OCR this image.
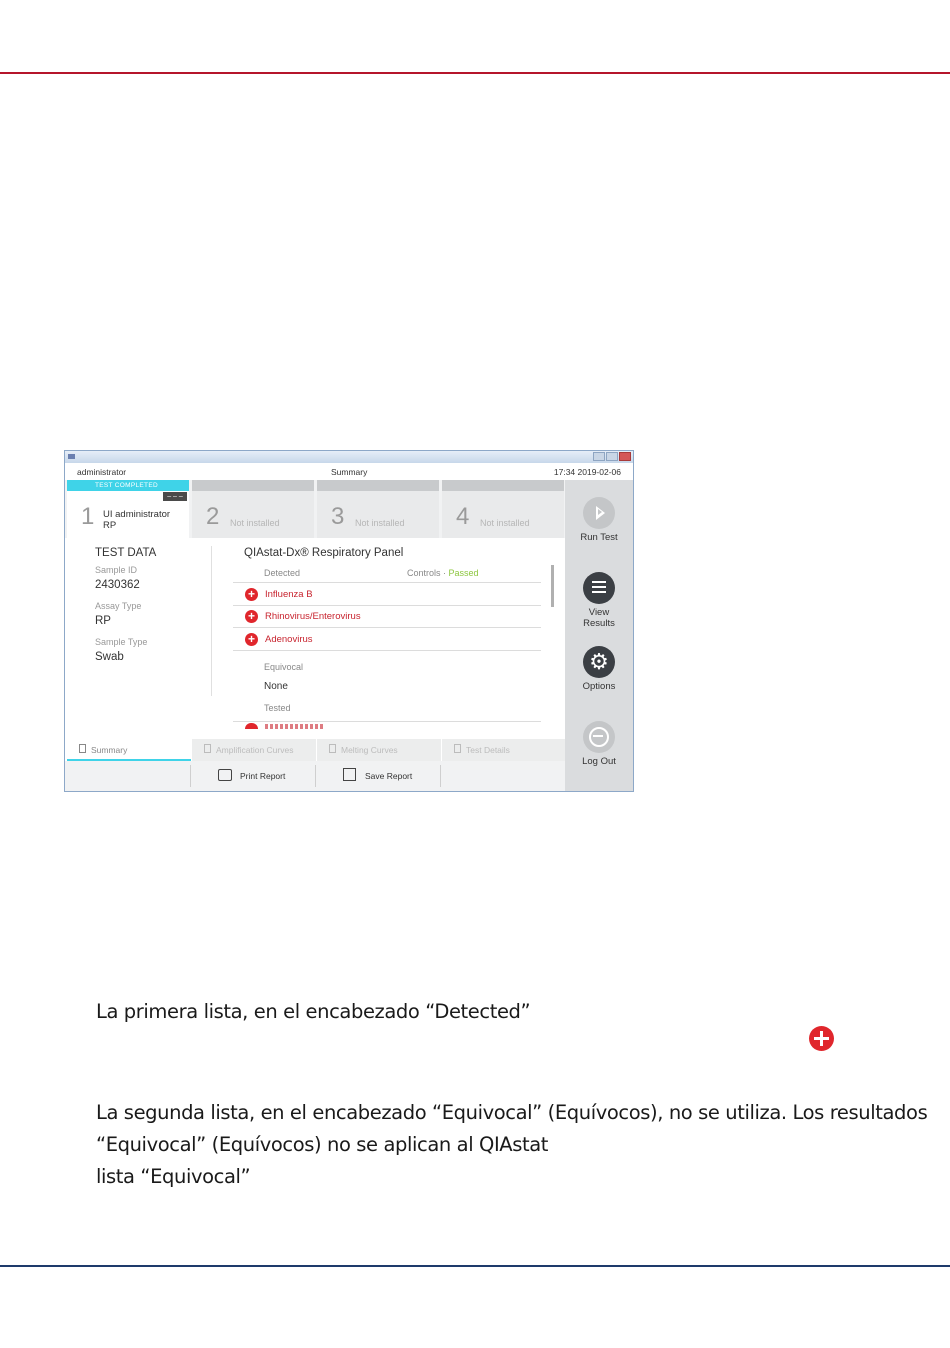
administrator	Summary	17:34 2019-02-06
TEST COMPLETED
– – –
1 UI administrator
RP	2 Not installed 3 Not installed 4 Not installed
TEST DATA
Sample ID
2430362
Assay Type
RP
Sample Type
Swab
QIAstat-Dx® Respiratory Panel
Detected	Controls · Passed
+	Influenza B
+	Rhinovirus/Enterovirus
+	Adenovirus
Equivocal
None
Tested
Summary	Amplification Curves	Melting Curves	Test Details
Print Report	Save Report
Run Test
View
Results
⚙
Options
Log Out
La primera lista, en el encabezado “Detected”
La segunda lista, en el encabezado “Equivocal” (Equívocos), no se utiliza. Los resultados
“Equivocal” (Equívocos) no se aplican al QIAstat
lista “Equivocal”
